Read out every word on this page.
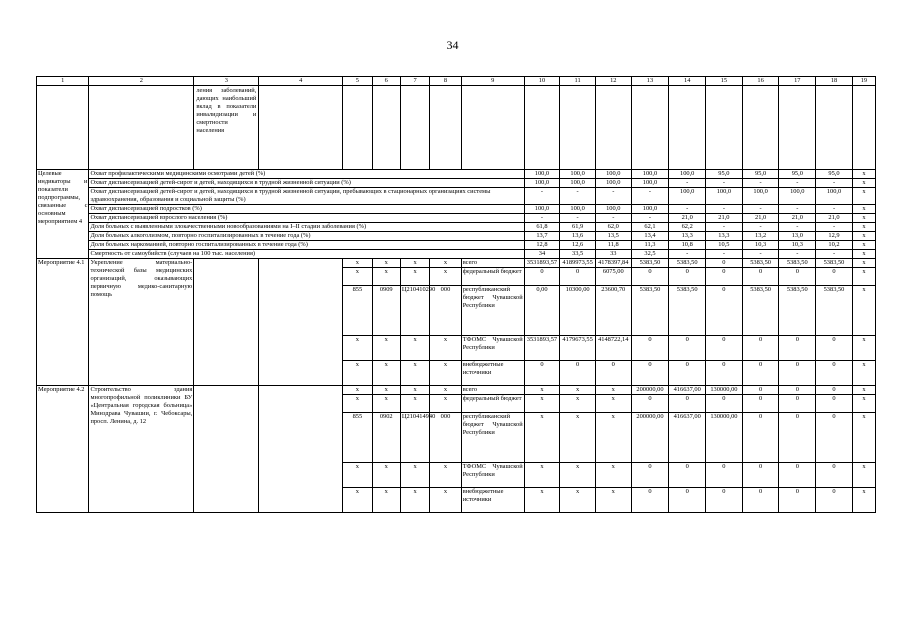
34
1	2	3	4	5	6	7	8	9	10	11	12	13	14	15	16	17	18	19
		ления заболеваний, дающих наибольший вклад в показатели инвалидизации и смертности населения																
Целевые индикаторы и показатели подпрограммы, связанные с основным мероприятием 4	Охват профилактическими медицинскими осмотрами детей (%)								100,0	100,0	100,0	100,0	100,0	95,0	95,0	95,0	95,0	х
	Охват диспансеризацией детей-сирот и детей, находящихся в трудной жизненной ситуации (%)								100,0	100,0	100,0	100,0	-	-	-	-	-	х
	Охват диспансеризацией детей-сирот и детей, находящихся в трудной жизненной ситуации, пребывающих в стационарных организациях системы здравоохранения, образования и социальной защиты (%)								-	-	-	-	100,0	100,0	100,0	100,0	100,0	х
	Охват диспансеризацией подростков (%)								100,0	100,0	100,0	100,0	-	-	-	-	-	х
	Охват диспансеризацией взрослого населения (%)								-	-	-	-	21,0	21,0	21,0	21,0	21,0	х
	Доля больных с выявленными злокачественными новообразованиями на I–II стадии заболевания (%)								61,8	61,9	62,0	62,1	62,2	-	-	-	-	х
	Доля больных алкоголизмом, повторно госпитализированных в течение года (%)								13,7	13,6	13,5	13,4	13,3	13,3	13,2	13,0	12,9	х
	Доля больных наркоманией, повторно госпитализированных в течение года (%)								12,8	12,6	11,8	11,3	10,8	10,5	10,3	10,3	10,2	х
	Смертность от самоубийств (случаев на 100 тыс. населения)								34	33,5	33	32,5	-	-	-	-	-	х
Мероприятие 4.1	Укрепление материально-технической базы медицинских организаций, оказывающих первичную медико-санитарную помощь			х	х	х	х	всего	3531893,57	4189973,55	4178397,84	5383,50	5383,50	0	5383,50	5383,50	5383,50	х
				х	х	х	х	федеральный бюджет	0	0	6075,00	0	0	0	0	0	0	х
				855	0909	Ц210410290	000	республиканский бюджет Чувашской Республики	0,00	10300,00	23600,70	5383,50	5383,50	0	5383,50	5383,50	5383,50	х
				х	х	х	х	ТФОМС Чувашской Республики	3531893,57	4179673,55	4148722,14	0	0	0	0	0	0	х
				х	х	х	х	внебюджетные источники	0	0	0	0	0	0	0	0	0	х
Мероприятие 4.2	Строительство здания многопрофильной поликлиники БУ «Центральная городская больница» Минздрава Чувашии, г. Чебоксары, просп. Ленина, д. 12			х	х	х	х	всего	х	х	х	200000,00	416637,00	130000,00	0	0	0	х
				х	х	х	х	федеральный бюджет	х	х	х	0	0	0	0	0	0	х
				855	0902	Ц210414940	000	республиканский бюджет Чувашской Республики	х	х	х	200000,00	416637,00	130000,00	0	0	0	х
				х	х	х	х	ТФОМС Чувашской Республики	х	х	х	0	0	0	0	0	0	х
				х	х	х	х	внебюджетные источники	х	х	х	0	0	0	0	0	0	х
